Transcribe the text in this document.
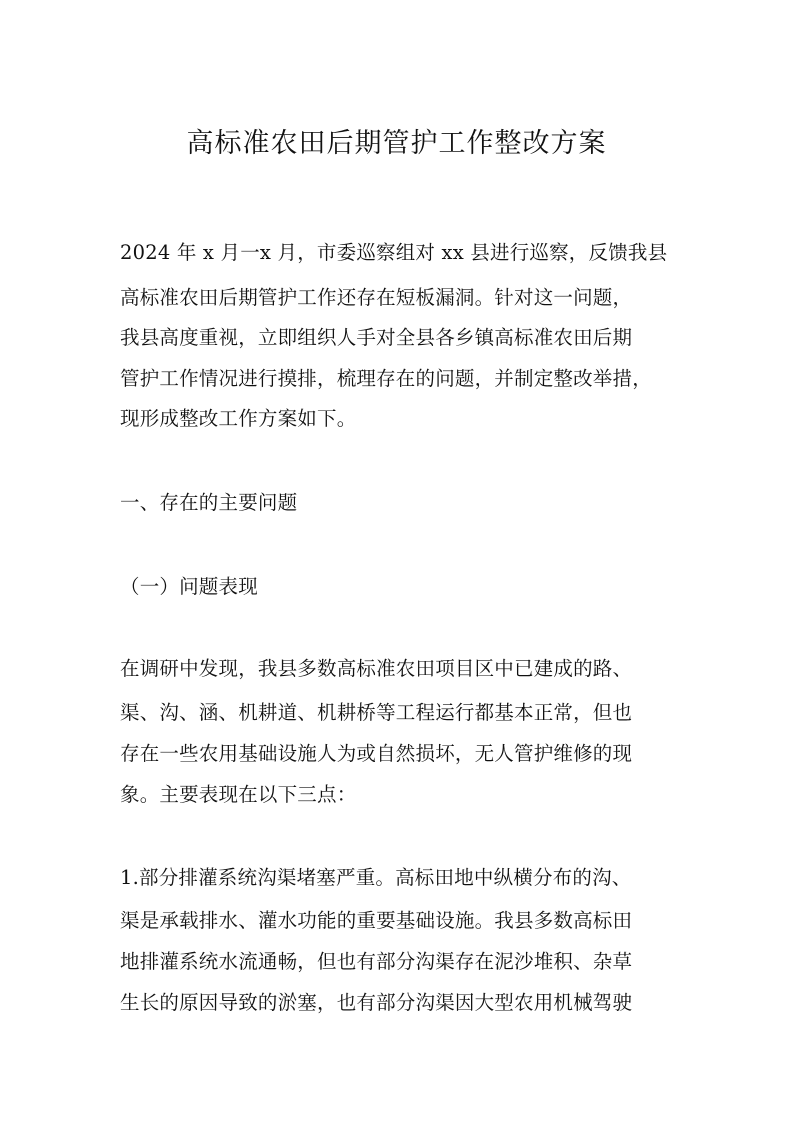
高标准农田后期管护工作整改方案
2024 年 x 月一x 月，市委巡察组对 xx 县进行巡察，反馈我县
高标准农田后期管护工作还存在短板漏洞。针对这一问题，
我县高度重视，立即组织人手对全县各乡镇高标准农田后期
管护工作情况进行摸排，梳理存在的问题，并制定整改举措，
现形成整改工作方案如下。
一、存在的主要问题
（一）问题表现
在调研中发现，我县多数高标准农田项目区中已建成的路、
渠、沟、涵、机耕道、机耕桥等工程运行都基本正常，但也
存在一些农用基础设施人为或自然损坏，无人管护维修的现
象。主要表现在以下三点：
1.部分排灌系统沟渠堵塞严重。高标田地中纵横分布的沟、
渠是承载排水、灌水功能的重要基础设施。我县多数高标田
地排灌系统水流通畅，但也有部分沟渠存在泥沙堆积、杂草
生长的原因导致的淤塞，也有部分沟渠因大型农用机械驾驶
